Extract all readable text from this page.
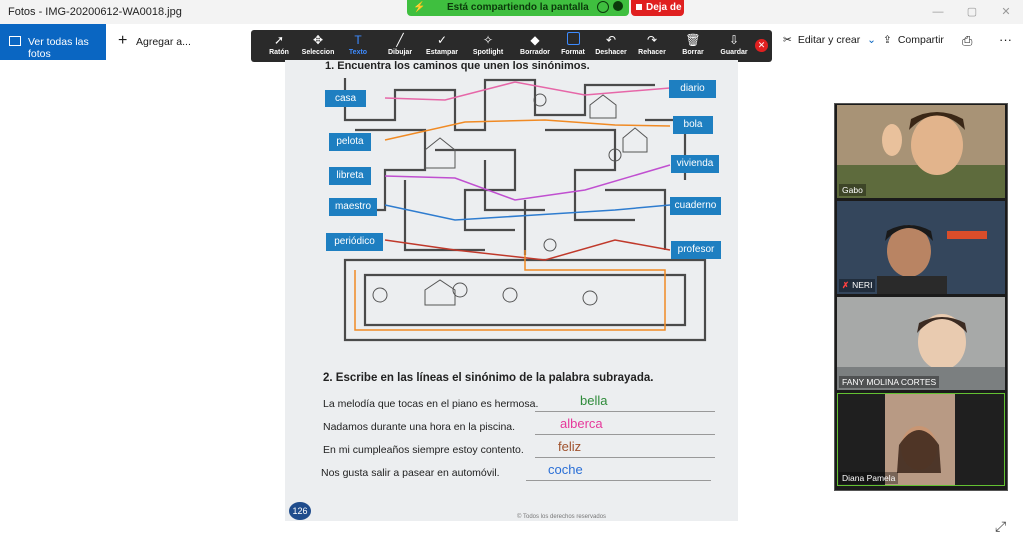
Fotos - IMG-20200612-WA0018.jpg	—	▢	✕
⚡ Está compartiendo la pantalla	Deja de
Ver todas las fotos
+ Agregar a...	✂ Editar y crear ⌄ ⇪ Compartir ⎙ ···
➚
Ratón
✥
Seleccion
T
Texto
╱
Dibujar
✓
Estampar
✧
Spotlight
◆
Borrador	Format
↶
Deshacer
↷
Rehacer
🗑
Borrar
⇩
Guardar
✕
1. Encuentra los caminos que unen los sinónimos.
casa
pelota
libreta
maestro
periódico
diario
bola
vivienda
cuaderno
profesor
2. Escribe en las líneas el sinónimo de la palabra subrayada.
La melodía que tocas en el piano es hermosa.	bella
Nadamos durante una hora en la piscina.	alberca
En mi cumpleaños siempre estoy contento.	feliz
Nos gusta salir a pasear en automóvil.	coche
126
© Todos los derechos reservados
Gabo
✗ NERI
FANY MOLINA CORTES
Diana Pamela
⤢
